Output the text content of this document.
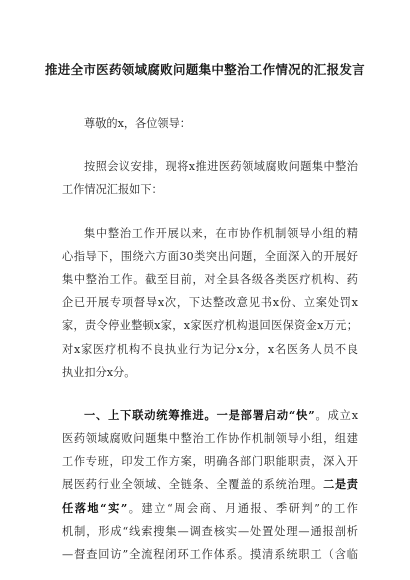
推进全市医药领域腐败问题集中整治工作情况的汇报发言
尊敬的x，各位领导：
按照会议安排，现将x推进医药领域腐败问题集中整治
工作情况汇报如下：
集中整治工作开展以来，在市协作机制领导小组的精
心指导下，围绕六方面30类突出问题，全面深入的开展好
集中整治工作。截至目前，对全县各级各类医疗机构、药
企已开展专项督导x次，下达整改意见书x份、立案处罚x
家，责令停业整顿x家，x家医疗机构退回医保资金x万元；
对x家医疗机构不良执业行为记分x分，x名医务人员不良
执业扣分x分。
一、上下联动统筹推进。一是部署启动“快”。成立x
医药领域腐败问题集中整治工作协作机制领导小组，组建
工作专班，印发工作方案，明确各部门职能职责，深入开
展医药行业全领域、全链条、全覆盖的系统治理。二是责
任落地“实”。建立“周会商、月通报、季研判”的工作
机制，形成“线索搜集—调查核实—处置处理—通报剖析
—督查回访”全流程闭环工作体系。摸清系统职工（含临
